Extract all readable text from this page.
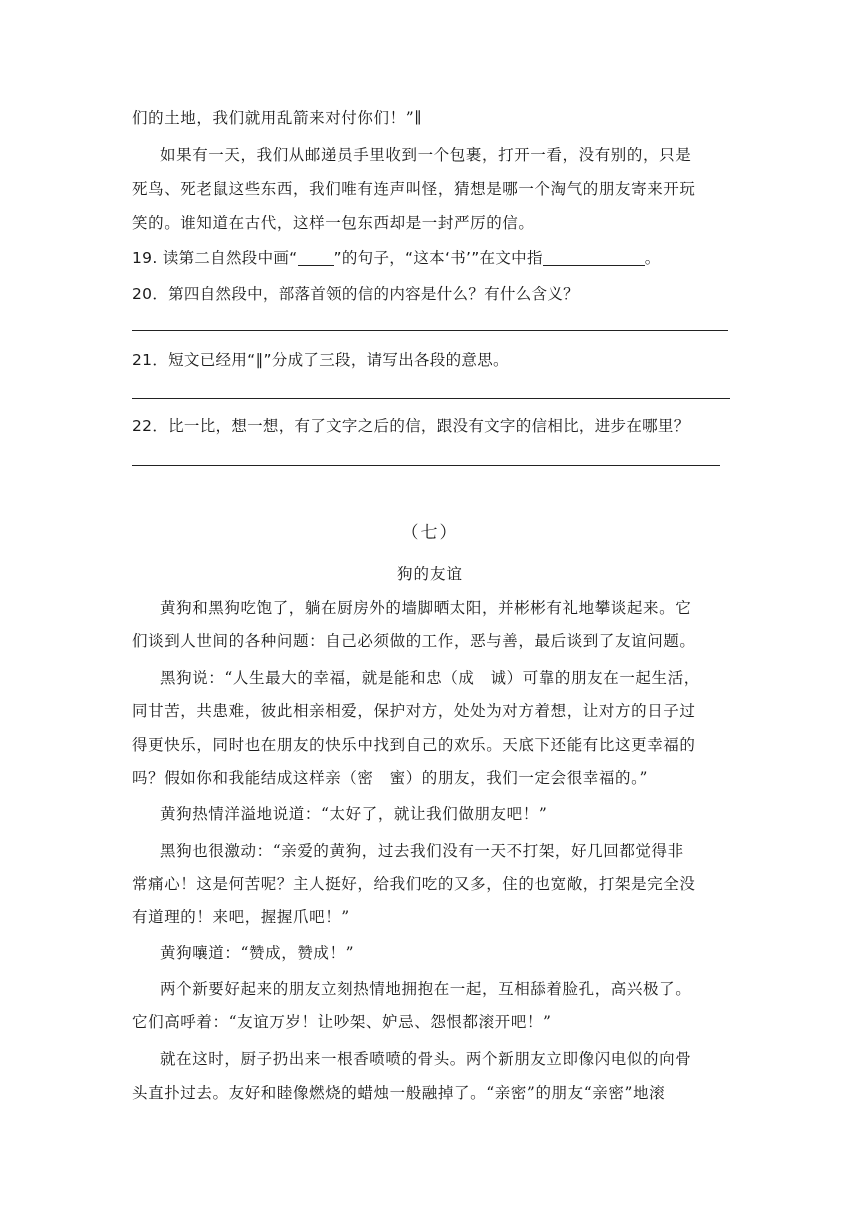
们的土地，我们就用乱箭来对付你们！”∥
如果有一天，我们从邮递员手里收到一个包裹，打开一看，没有别的，只是
死鸟、死老鼠这些东西，我们唯有连声叫怪，猜想是哪一个淘气的朋友寄来开玩
笑的。谁知道在古代，这样一包东西却是一封严厉的信。
19. 读第二自然段中画“ ”的句子，“这本‘书’”在文中指	。
20．第四自然段中，部落首领的信的内容是什么？有什么含义？
21．短文已经用“∥”分成了三段，请写出各段的意思。
22．比一比，想一想，有了文字之后的信，跟没有文字的信相比，进步在哪里？
（七）
狗的友谊
黄狗和黑狗吃饱了，躺在厨房外的墙脚晒太阳，并彬彬有礼地攀谈起来。它
们谈到人世间的各种问题：自己必须做的工作，恶与善，最后谈到了友谊问题。
黑狗说：“人生最大的幸福，就是能和忠（成　诚）可靠的朋友在一起生活，
同甘苦，共患难，彼此相亲相爱，保护对方，处处为对方着想，让对方的日子过
得更快乐，同时也在朋友的快乐中找到自己的欢乐。天底下还能有比这更幸福的
吗？假如你和我能结成这样亲（密　蜜）的朋友，我们一定会很幸福的。”
黄狗热情洋溢地说道：“太好了，就让我们做朋友吧！”
黑狗也很激动：“亲爱的黄狗，过去我们没有一天不打架，好几回都觉得非
常痛心！这是何苦呢？主人挺好，给我们吃的又多，住的也宽敞，打架是完全没
有道理的！来吧，握握爪吧！”
黄狗嚷道：“赞成，赞成！”
两个新要好起来的朋友立刻热情地拥抱在一起，互相舔着脸孔，高兴极了。
它们高呼着：“友谊万岁！让吵架、妒忌、怨恨都滚开吧！”
就在这时，厨子扔出来一根香喷喷的骨头。两个新朋友立即像闪电似的向骨
头直扑过去。友好和睦像燃烧的蜡烛一般融掉了。“亲密”的朋友“亲密”地滚
